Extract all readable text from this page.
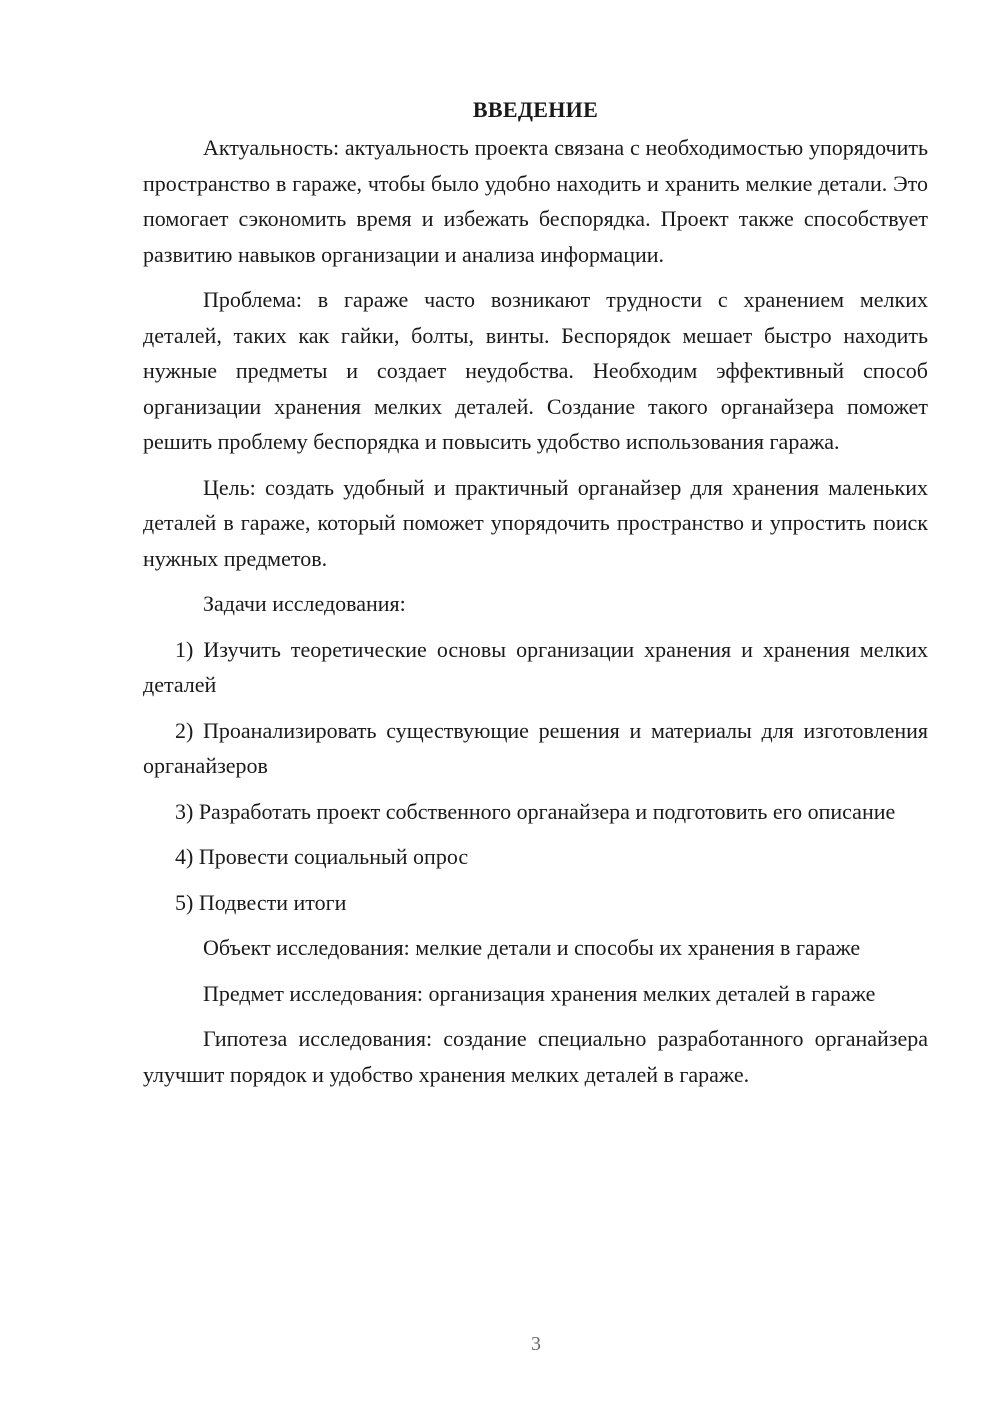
ВВЕДЕНИЕ

Актуальность: актуальность проекта связана с необходимостью упорядочить пространство в гараже, чтобы было удобно находить и хранить мелкие детали. Это помогает сэкономить время и избежать беспорядка. Проект также способствует развитию навыков организации и анализа информации.

Проблема: в гараже часто возникают трудности с хранением мелких деталей, таких как гайки, болты, винты. Беспорядок мешает быстро находить нужные предметы и создает неудобства. Необходим эффективный способ организации хранения мелких деталей. Создание такого органайзера поможет решить проблему беспорядка и повысить удобство использования гаража.

Цель: создать удобный и практичный органайзер для хранения маленьких деталей в гараже, который поможет упорядочить пространство и упростить поиск нужных предметов.

Задачи исследования:

1) Изучить теоретические основы организации хранения и хранения мелких деталей

2) Проанализировать существующие решения и материалы для изготовления органайзеров

3) Разработать проект собственного органайзера и подготовить его описание

4) Провести социальный опрос

5) Подвести итоги

Объект исследования: мелкие детали и способы их хранения в гараже

Предмет исследования: организация хранения мелких деталей в гараже

Гипотеза исследования: создание специально разработанного органайзера улучшит порядок и удобство хранения мелких деталей в гараже.

3
